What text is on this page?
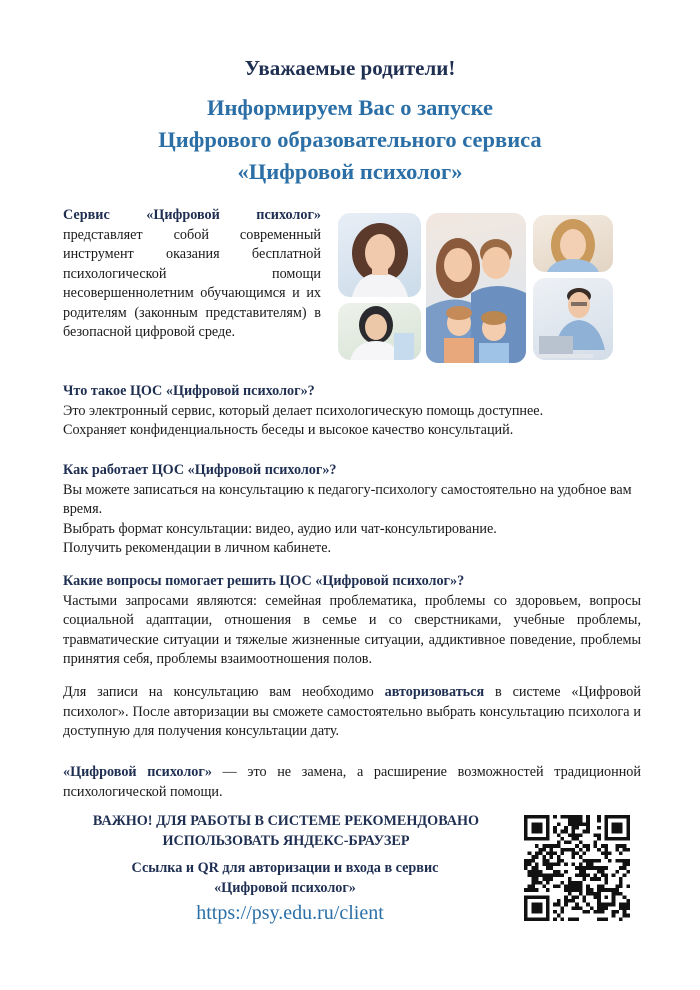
Уважаемые родители!
Информируем Вас о запуске
Цифрового образовательного сервиса
«Цифровой психолог»
Сервис «Цифровой психолог» представляет собой современный инструмент оказания бесплатной психологической помощи несовершеннолетним обучающимся и их родителям (законным представителям) в безопасной цифровой среде.
Что такое ЦОС «Цифровой психолог»?
Это электронный сервис, который делает психологическую помощь доступнее.
Сохраняет конфиденциальность беседы и высокое качество консультаций.
Как работает ЦОС «Цифровой психолог»?
Вы можете записаться на консультацию к педагогу-психологу самостоятельно на удобное вам время.
Выбрать формат консультации: видео, аудио или чат-консультирование.
Получить рекомендации в личном кабинете.
Какие вопросы помогает решить ЦОС «Цифровой психолог»?
Частыми запросами являются: семейная проблематика, проблемы со здоровьем, вопросы социальной адаптации, отношения в семье и со сверстниками, учебные проблемы, травматические ситуации и тяжелые жизненные ситуации, аддиктивное поведение, проблемы принятия себя, проблемы взаимоотношения полов.
Для записи на консультацию вам необходимо авторизоваться в системе «Цифровой психолог». После авторизации вы сможете самостоятельно выбрать консультацию психолога и доступную для получения консультации дату.
«Цифровой психолог» — это не замена, а расширение возможностей традиционной психологической помощи.
ВАЖНО! ДЛЯ РАБОТЫ В СИСТЕМЕ РЕКОМЕНДОВАНО
ИСПОЛЬЗОВАТЬ ЯНДЕКС-БРАУЗЕР
Ссылка и QR для авторизации и входа в сервис
«Цифровой психолог»
https://psy.edu.ru/client
